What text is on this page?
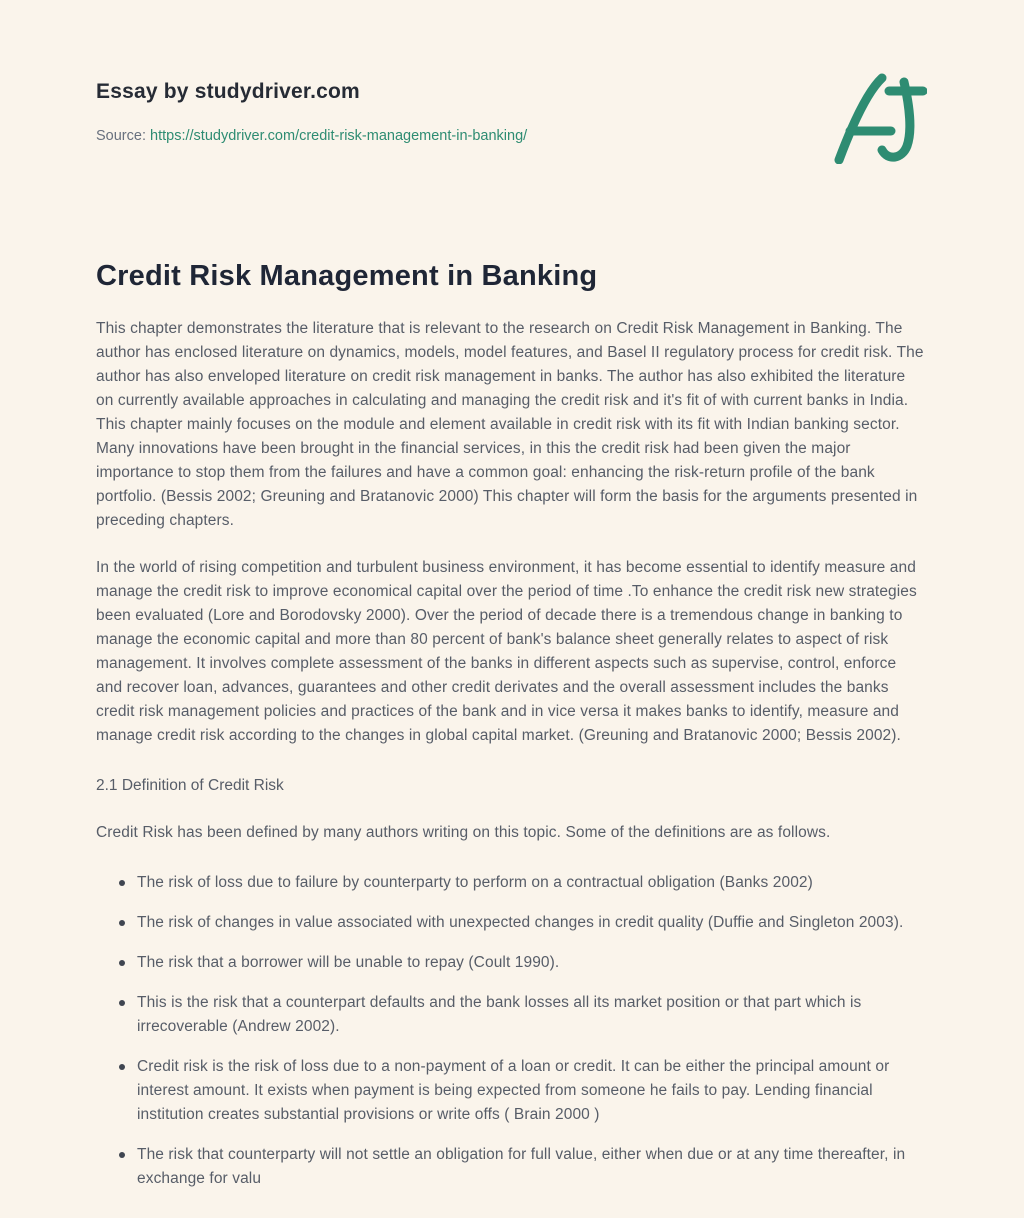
Essay by studydriver.com

Source: https://studydriver.com/credit-risk-management-in-banking/

Credit Risk Management in Banking

This chapter demonstrates the literature that is relevant to the research on Credit Risk Management in Banking. The author has enclosed literature on dynamics, models, model features, and Basel II regulatory process for credit risk. The author has also enveloped literature on credit risk management in banks. The author has also exhibited the literature on currently available approaches in calculating and managing the credit risk and it's fit of with current banks in India. This chapter mainly focuses on the module and element available in credit risk with its fit with Indian banking sector. Many innovations have been brought in the financial services, in this the credit risk had been given the major importance to stop them from the failures and have a common goal: enhancing the risk-return profile of the bank portfolio. (Bessis 2002; Greuning and Bratanovic 2000) This chapter will form the basis for the arguments presented in preceding chapters.

In the world of rising competition and turbulent business environment, it has become essential to identify measure and manage the credit risk to improve economical capital over the period of time .To enhance the credit risk new strategies been evaluated (Lore and Borodovsky 2000). Over the period of decade there is a tremendous change in banking to manage the economic capital and more than 80 percent of bank's balance sheet generally relates to aspect of risk management. It involves complete assessment of the banks in different aspects such as supervise, control, enforce and recover loan, advances, guarantees and other credit derivates and the overall assessment includes the banks credit risk management policies and practices of the bank and in vice versa it makes banks to identify, measure and manage credit risk according to the changes in global capital market. (Greuning and Bratanovic 2000; Bessis 2002).

2.1 Definition of Credit Risk

Credit Risk has been defined by many authors writing on this topic. Some of the definitions are as follows.

The risk of loss due to failure by counterparty to perform on a contractual obligation (Banks 2002)
The risk of changes in value associated with unexpected changes in credit quality (Duffie and Singleton 2003).
The risk that a borrower will be unable to repay (Coult 1990).
This is the risk that a counterpart defaults and the bank losses all its market position or that part which is irrecoverable (Andrew 2002).
Credit risk is the risk of loss due to a non-payment of a loan or credit. It can be either the principal amount or interest amount. It exists when payment is being expected from someone he fails to pay. Lending financial institution creates substantial provisions or write offs ( Brain 2000 )
The risk that counterparty will not settle an obligation for full value, either when due or at any time thereafter, in exchange for valu
